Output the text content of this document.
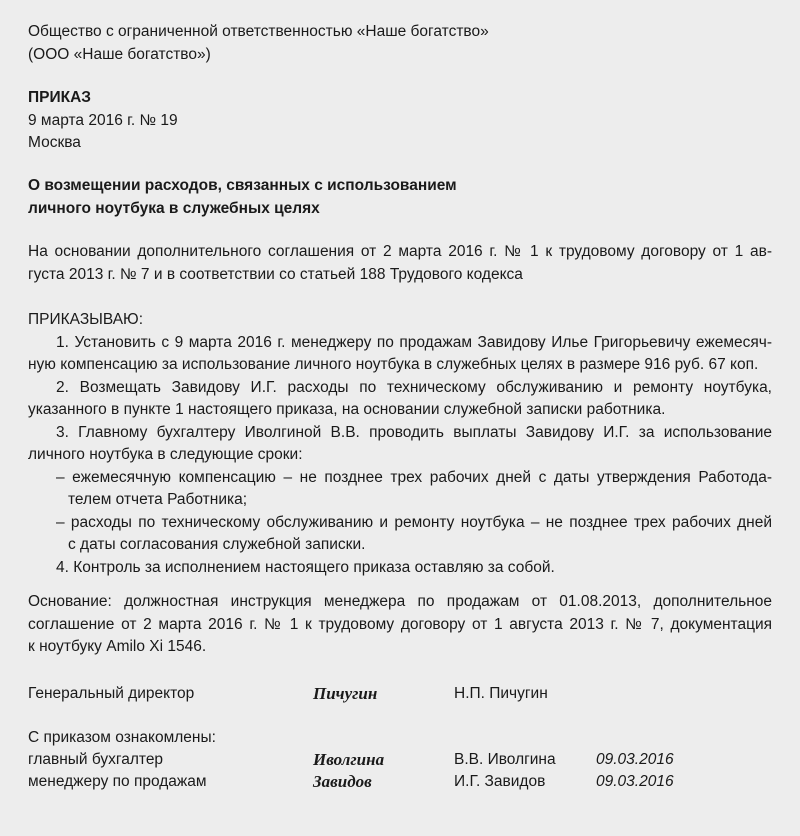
Общество с ограниченной ответственностью «Наше богатство»
(ООО «Наше богатство»)
ПРИКАЗ
9 марта 2016 г. № 19
Москва
О возмещении расходов, связанных с использованием
личного ноутбука в служебных целях
На основании дополнительного соглашения от 2 марта 2016 г. № 1 к трудовому договору от 1 ав-
густа 2013 г. № 7 и в соответствии со статьей 188 Трудового кодекса
ПРИКАЗЫВАЮ:
1. Установить с 9 марта 2016 г. менеджеру по продажам Завидову Илье Григорьевичу ежемесяч-
ную компенсацию за использование личного ноутбука в служебных целях в размере 916 руб. 67 коп.
2. Возмещать Завидову И.Г. расходы по техническому обслуживанию и ремонту ноутбука,
указанного в пункте 1 настоящего приказа, на основании служебной записки работника.
3. Главному бухгалтеру Иволгиной В.В. проводить выплаты Завидову И.Г. за использование
личного ноутбука в следующие сроки:
– ежемесячную компенсацию – не позднее трех рабочих дней с даты утверждения Работода-
телем отчета Работника;
– расходы по техническому обслуживанию и ремонту ноутбука – не позднее трех рабочих дней
с даты согласования служебной записки.
4. Контроль за исполнением настоящего приказа оставляю за собой.
Основание: должностная инструкция менеджера по продажам от 01.08.2013, дополнительное
соглашение от 2 марта 2016 г. № 1 к трудовому договору от 1 августа 2013 г. № 7, документация
к ноутбуку Amilo Xi 1546.
Генеральный директор	Пичугин	Н.П. Пичугин
С приказом ознакомлены:
главный бухгалтер	Иволгина	В.В. Иволгина	09.03.2016
менеджеру по продажам	Завидов	И.Г. Завидов	09.03.2016
